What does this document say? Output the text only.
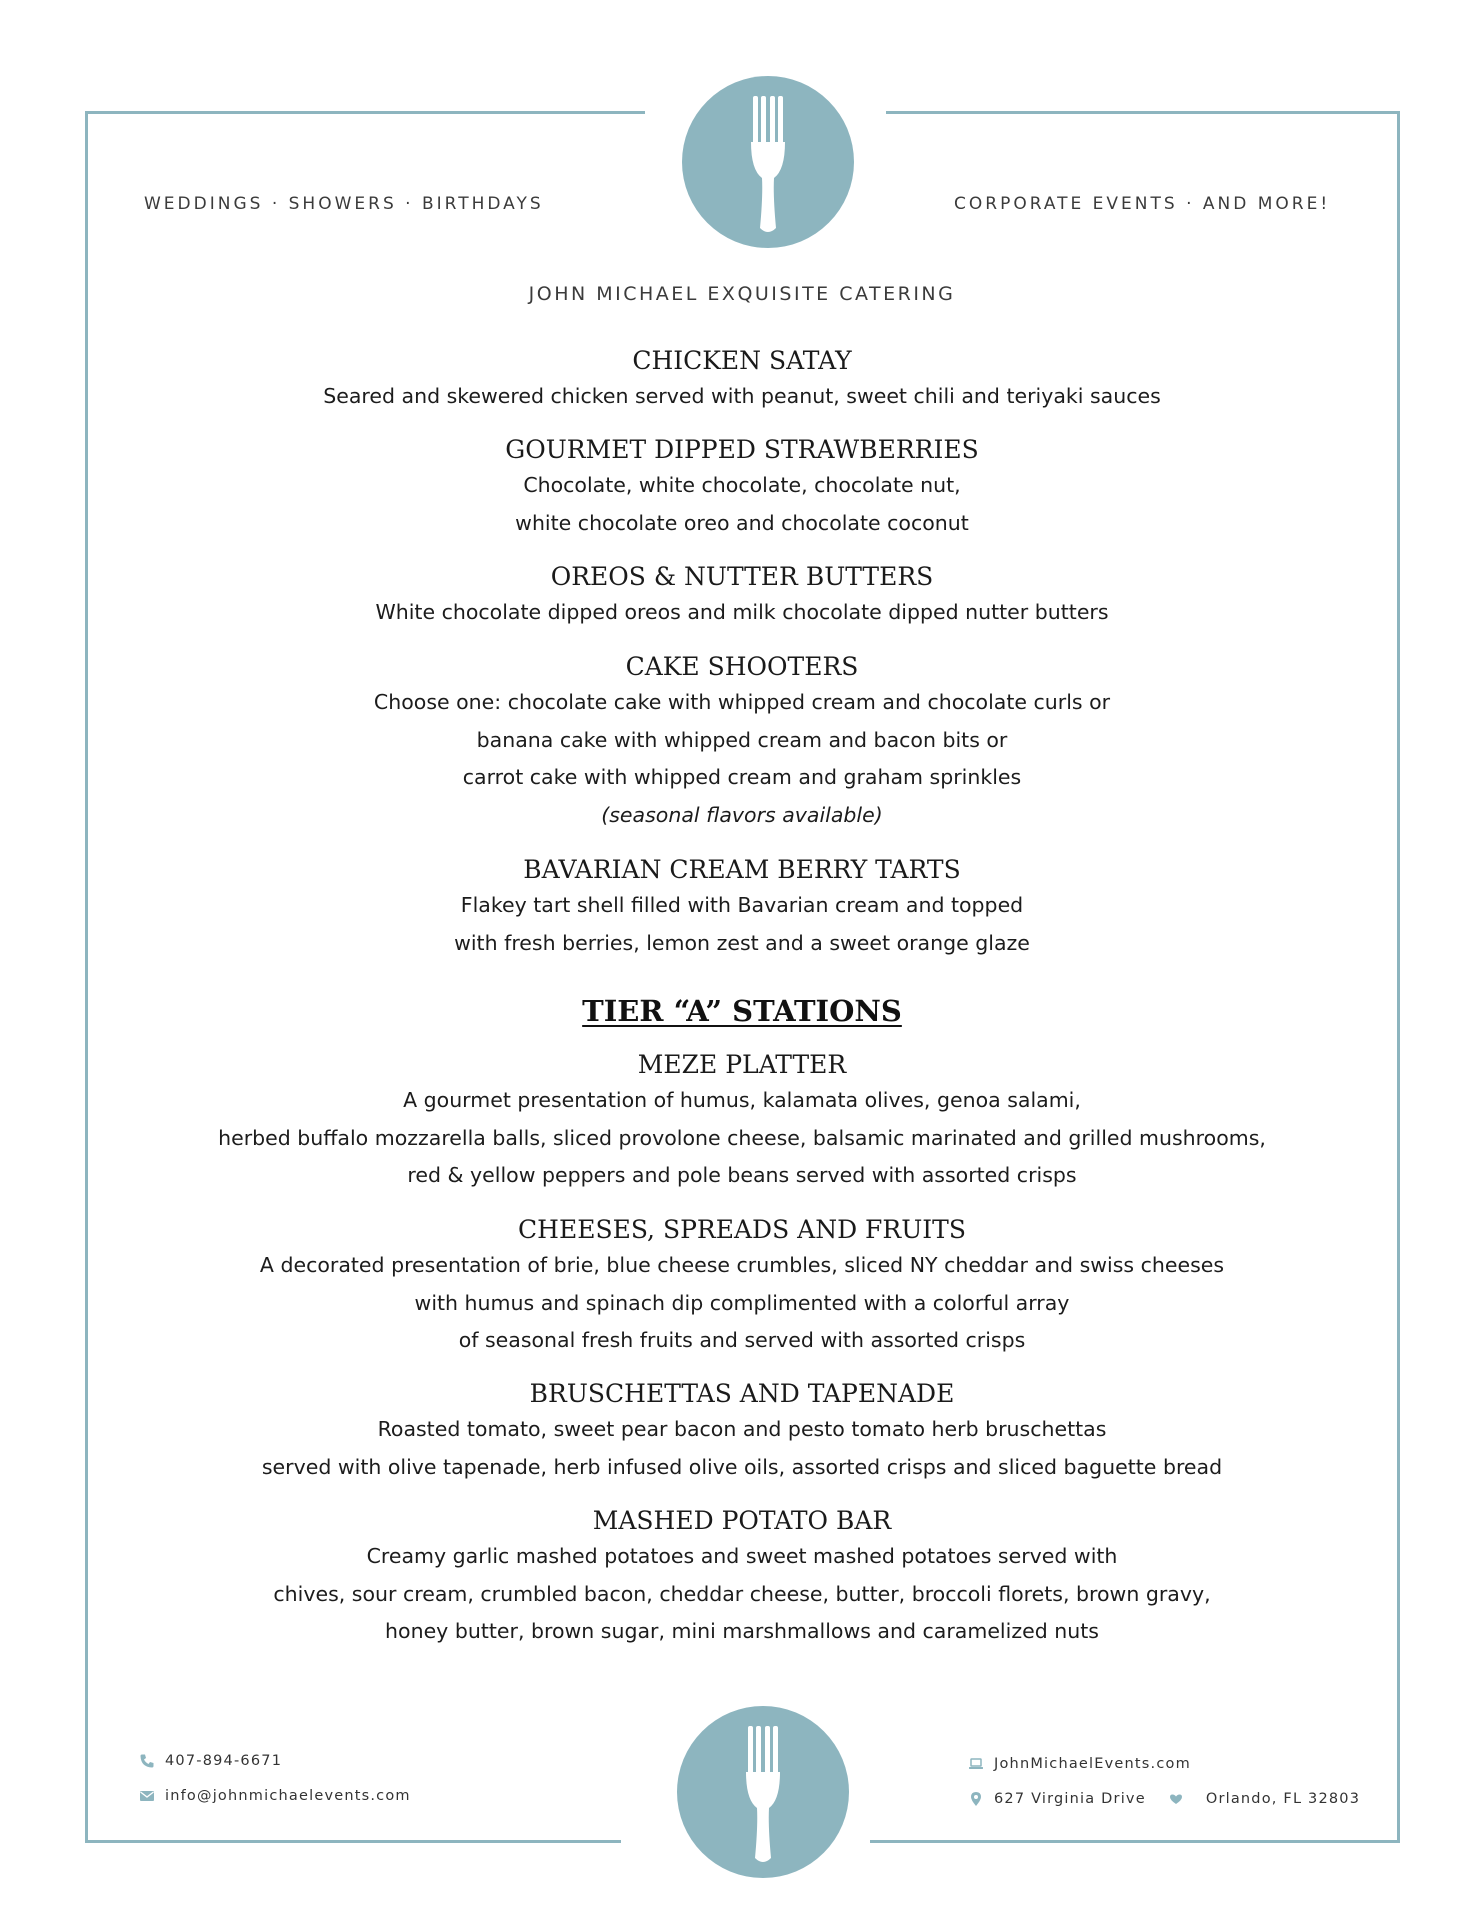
WEDDINGS · SHOWERS · BIRTHDAYS	CORPORATE EVENTS · AND MORE!
JOHN MICHAEL EXQUISITE CATERING
CHICKEN SATAY
Seared and skewered chicken served with peanut, sweet chili and teriyaki sauces
GOURMET DIPPED STRAWBERRIES
Chocolate, white chocolate, chocolate nut,
white chocolate oreo and chocolate coconut
OREOS & NUTTER BUTTERS
White chocolate dipped oreos and milk chocolate dipped nutter butters
CAKE SHOOTERS
Choose one: chocolate cake with whipped cream and chocolate curls or
banana cake with whipped cream and bacon bits or
carrot cake with whipped cream and graham sprinkles
(seasonal flavors available)
BAVARIAN CREAM BERRY TARTS
Flakey tart shell filled with Bavarian cream and topped
with fresh berries, lemon zest and a sweet orange glaze
TIER “A” STATIONS
MEZE PLATTER
A gourmet presentation of humus, kalamata olives, genoa salami,
herbed buffalo mozzarella balls, sliced provolone cheese, balsamic marinated and grilled mushrooms,
red & yellow peppers and pole beans served with assorted crisps
CHEESES, SPREADS AND FRUITS
A decorated presentation of brie, blue cheese crumbles, sliced NY cheddar and swiss cheeses
with humus and spinach dip complimented with a colorful array
of seasonal fresh fruits and served with assorted crisps
BRUSCHETTAS AND TAPENADE
Roasted tomato, sweet pear bacon and pesto tomato herb bruschettas
served with olive tapenade, herb infused olive oils, assorted crisps and sliced baguette bread
MASHED POTATO BAR
Creamy garlic mashed potatoes and sweet mashed potatoes served with
chives, sour cream, crumbled bacon, cheddar cheese, butter, broccoli florets, brown gravy,
honey butter, brown sugar, mini marshmallows and caramelized nuts
407-894-6671
info@johnmichaelevents.com
JohnMichaelEvents.com
627 Virginia Drive	Orlando, FL 32803
